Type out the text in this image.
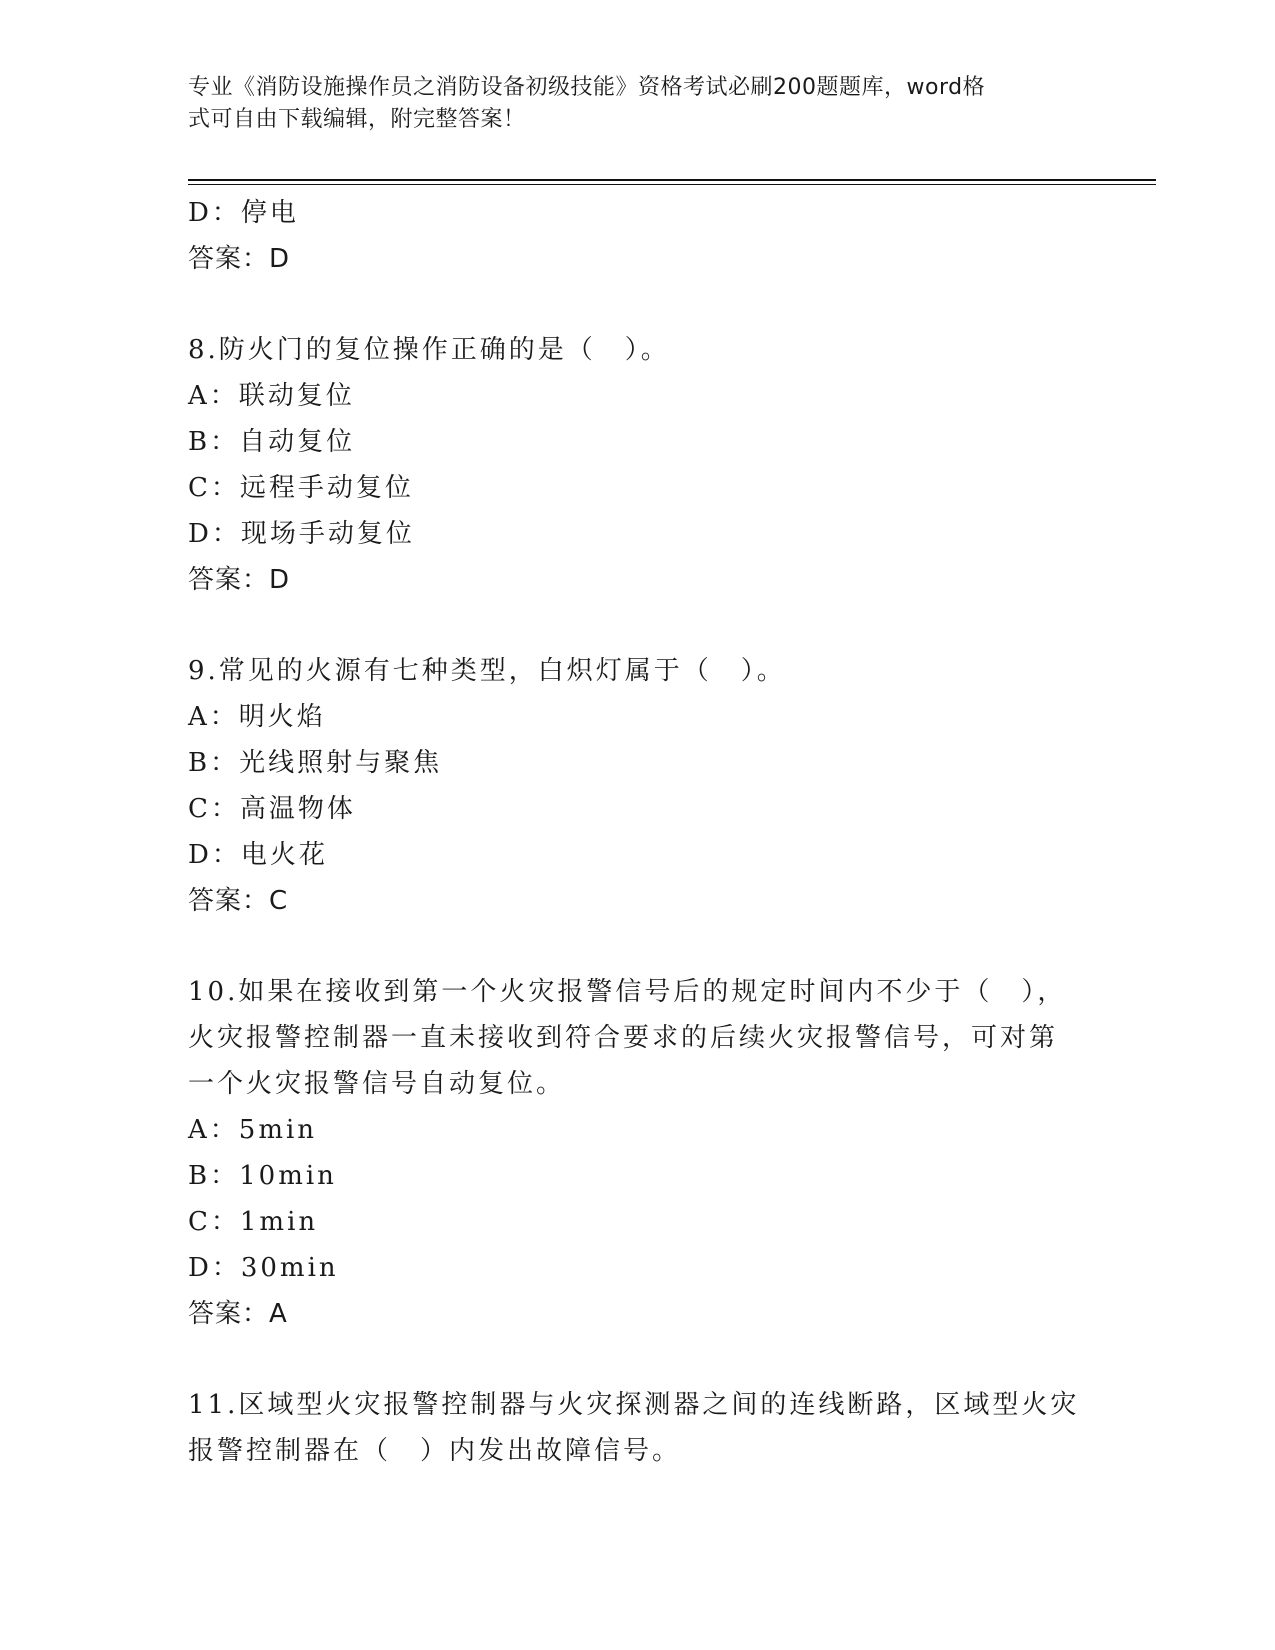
专业《消防设施操作员之消防设备初级技能》资格考试必刷200题题库，word格
式可自由下载编辑，附完整答案！
D：停电
答案：D
8.防火门的复位操作正确的是（　）。
A：联动复位
B：自动复位
C：远程手动复位
D：现场手动复位
答案：D
9.常见的火源有七种类型，白炽灯属于（　）。
A：明火焰
B：光线照射与聚焦
C：高温物体
D：电火花
答案：C
10.如果在接收到第一个火灾报警信号后的规定时间内不少于（　），
火灾报警控制器一直未接收到符合要求的后续火灾报警信号，可对第
一个火灾报警信号自动复位。
A：5min
B：10min
C：1min
D：30min
答案：A
11.区域型火灾报警控制器与火灾探测器之间的连线断路，区域型火灾
报警控制器在（　）内发出故障信号。
